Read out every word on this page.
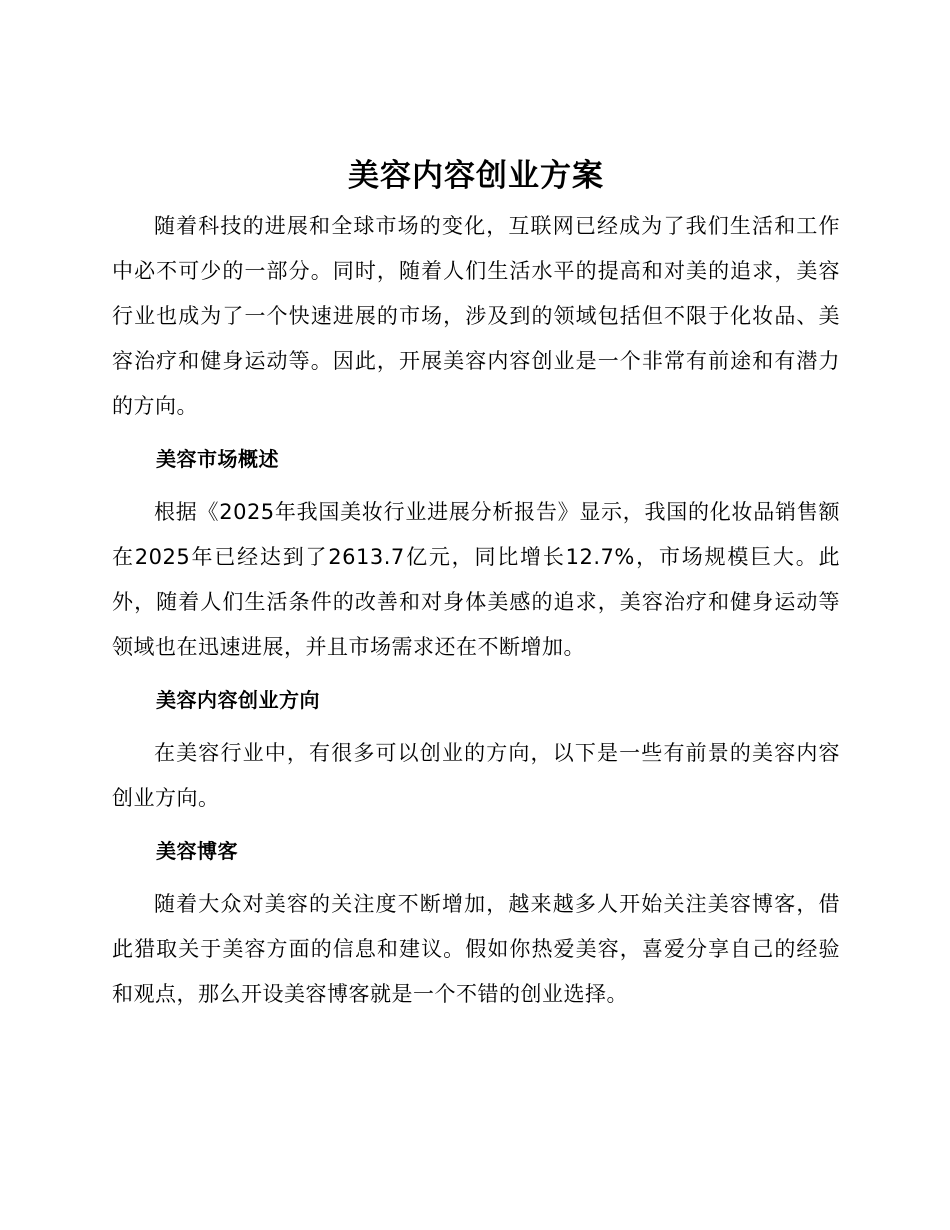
美容内容创业方案

随着科技的进展和全球市场的变化，互联网已经成为了我们生活和工作中必不可少的一部分。同时，随着人们生活水平的提高和对美的追求，美容行业也成为了一个快速进展的市场，涉及到的领域包括但不限于化妆品、美容治疗和健身运动等。因此，开展美容内容创业是一个非常有前途和有潜力的方向。

美容市场概述

根据《2025年我国美妆行业进展分析报告》显示，我国的化妆品销售额在2025年已经达到了2613.7亿元，同比增长12.7%，市场规模巨大。此外，随着人们生活条件的改善和对身体美感的追求，美容治疗和健身运动等领域也在迅速进展，并且市场需求还在不断增加。

美容内容创业方向

在美容行业中，有很多可以创业的方向，以下是一些有前景的美容内容创业方向。

美容博客

随着大众对美容的关注度不断增加，越来越多人开始关注美容博客，借此猎取关于美容方面的信息和建议。假如你热爱美容，喜爱分享自己的经验和观点，那么开设美容博客就是一个不错的创业选择。
